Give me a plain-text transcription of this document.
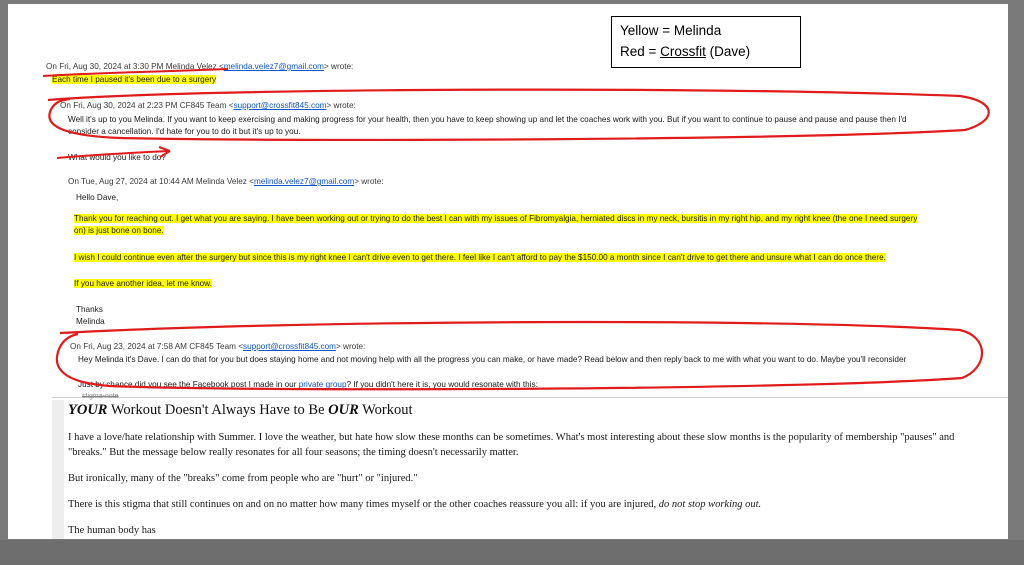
Yellow = Melinda
Red = Crossfit (Dave)
On Fri, Aug 30, 2024 at 3:30 PM Melinda Velez <melinda.velez7@gmail.com> wrote:
Each time I paused it's been due to a surgery
On Fri, Aug 30, 2024 at 2:23 PM CF845 Team <support@crossfit845.com> wrote:
Well it's up to you Melinda. If you want to keep exercising and making progress for your health, then you have to keep showing up and let the coaches work with you. But if you want to continue to pause and pause and pause then I'd
consider a cancellation. I'd hate for you to do it but it's up to you.
What would you like to do?
On Tue, Aug 27, 2024 at 10:44 AM Melinda Velez <melinda.velez7@gmail.com> wrote:
Hello Dave,
Thank you for reaching out. I get what you are saying. I have been working out or trying to do the best I can with my issues of Fibromyalgia, herniated discs in my neck, bursitis in my right hip, and my right knee (the one I need surgery
on) is just bone on bone.
I wish I could continue even after the surgery but since this is my right knee I can't drive even to get there. I feel like I can't afford to pay the $150.00 a month since I can't drive to get there and unsure what I can do once there.
If you have another idea, let me know.
Thanks
Melinda
On Fri, Aug 23, 2024 at 7:58 AM CF845 Team <support@crossfit845.com> wrote:
Hey Melinda it's Dave. I can do that for you but does staying home and not moving help with all the progress you can make, or have made? Read below and then reply back to me with what you want to do. Maybe you'll reconsider
Just by chance did you see the Facebook post I made in our private group? If you didn't here it is, you would resonate with this:
stigma-note
YOUR Workout Doesn't Always Have to Be OUR Workout

I have a love/hate relationship with Summer. I love the weather, but hate how slow these months can be sometimes. What's most interesting about these slow months is the popularity of membership "pauses" and "breaks." But the message below really resonates for all four seasons; the timing doesn't necessarily matter.

But ironically, many of the "breaks" come from people who are "hurt" or "injured."

There is this stigma that still continues on and on no matter how many times myself or the other coaches reassure you all: if you are injured, do not stop working out.

The human body has

•
